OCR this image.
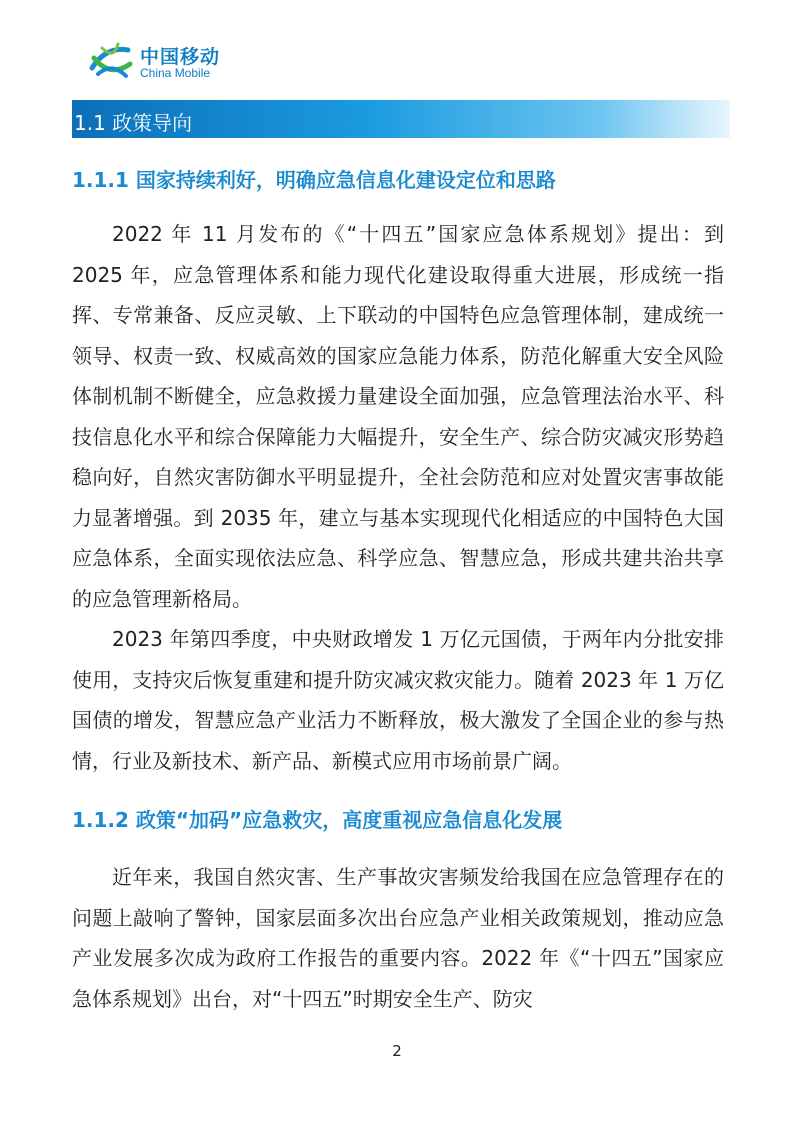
中国移动
China Mobile
1.1 政策导向
1.1.1 国家持续利好，明确应急信息化建设定位和思路

2022 年 11 月发布的《“十四五”国家应急体系规划》提出：到 2025 年，应急管理体系和能力现代化建设取得重大进展，形成统一指挥、专常兼备、反应灵敏、上下联动的中国特色应急管理体制，建成统一领导、权责一致、权威高效的国家应急能力体系，防范化解重大安全风险体制机制不断健全，应急救援力量建设全面加强，应急管理法治水平、科技信息化水平和综合保障能力大幅提升，安全生产、综合防灾减灾形势趋稳向好，自然灾害防御水平明显提升，全社会防范和应对处置灾害事故能力显著增强。到 2035 年，建立与基本实现现代化相适应的中国特色大国应急体系，全面实现依法应急、科学应急、智慧应急，形成共建共治共享的应急管理新格局。

2023 年第四季度，中央财政增发 1 万亿元国债，于两年内分批安排使用，支持灾后恢复重建和提升防灾减灾救灾能力。随着 2023 年 1 万亿国债的增发，智慧应急产业活力不断释放，极大激发了全国企业的参与热情，行业及新技术、新产品、新模式应用市场前景广阔。

1.1.2 政策“加码”应急救灾，高度重视应急信息化发展

近年来，我国自然灾害、生产事故灾害频发给我国在应急管理存在的问题上敲响了警钟，国家层面多次出台应急产业相关政策规划，推动应急产业发展多次成为政府工作报告的重要内容。2022 年《“十四五”国家应急体系规划》出台，对“十四五”时期安全生产、防灾

2
